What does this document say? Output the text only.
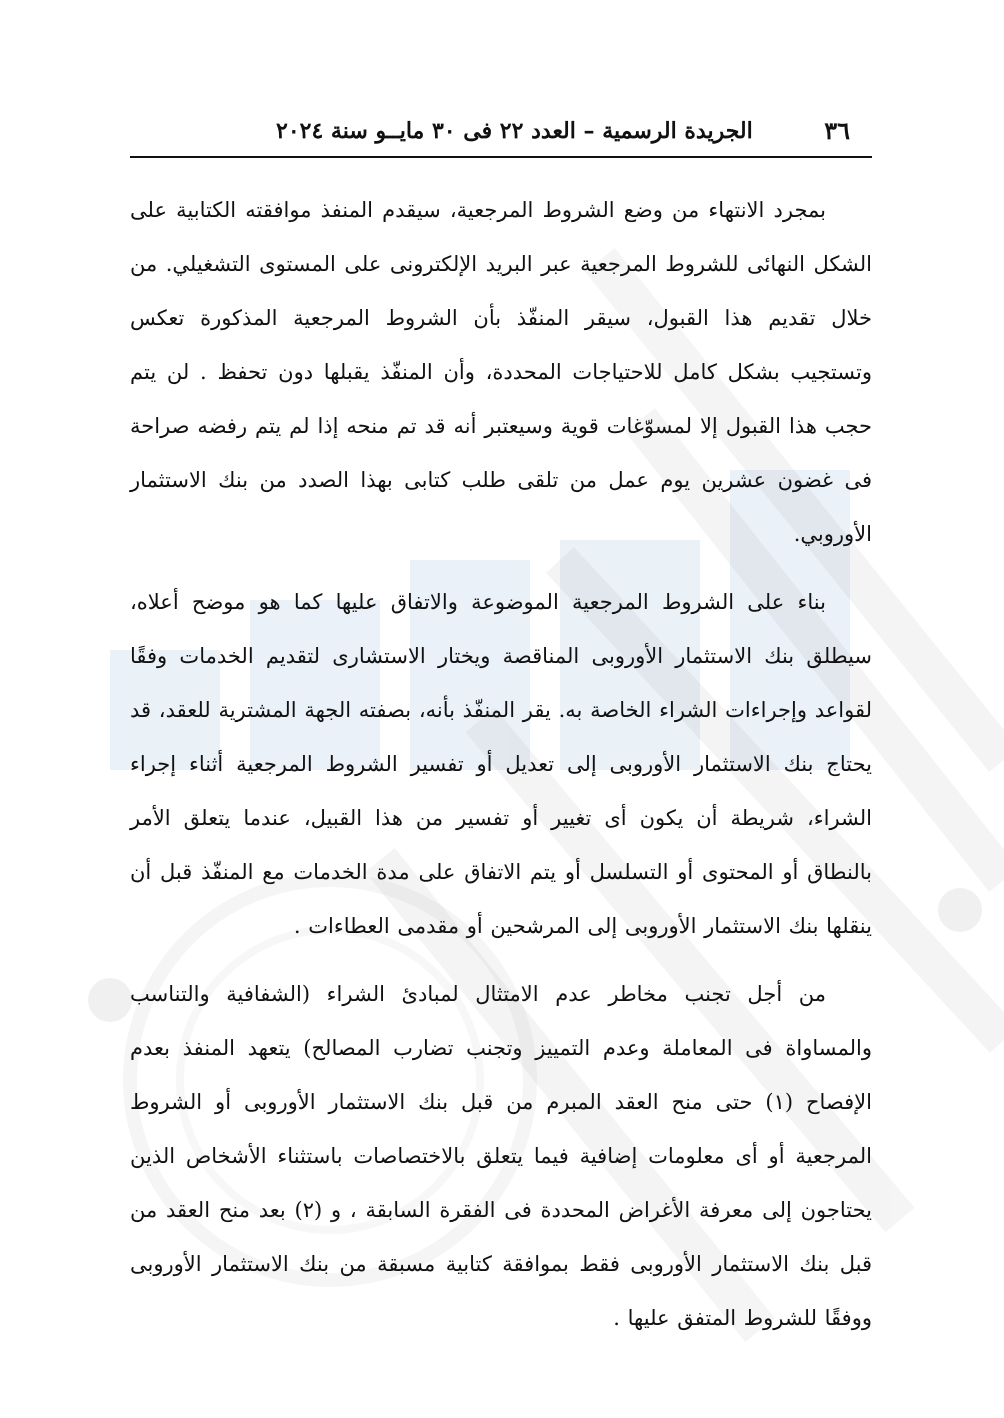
٣٦
الجريدة الرسمية – العدد ٢٢ فى ٣٠ مايــو سنة ٢٠٢٤

بمجرد الانتهاء من وضع الشروط المرجعية، سيقدم المنفذ موافقته الكتابية على الشكل النهائى للشروط المرجعية عبر البريد الإلكترونى على المستوى التشغيلي. من خلال تقديم هذا القبول، سيقر المنفّذ بأن الشروط المرجعية المذكورة تعكس وتستجيب بشكل كامل للاحتياجات المحددة، وأن المنفّذ يقبلها دون تحفظ . لن يتم حجب هذا القبول إلا لمسوّغات قوية وسيعتبر أنه قد تم منحه إذا لم يتم رفضه صراحة فى غضون عشرين يوم عمل من تلقى طلب كتابى بهذا الصدد من بنك الاستثمار الأوروبي.

بناء على الشروط المرجعية الموضوعة والاتفاق عليها كما هو موضح أعلاه، سيطلق بنك الاستثمار الأوروبى المناقصة ويختار الاستشارى لتقديم الخدمات وفقًا لقواعد وإجراءات الشراء الخاصة به. يقر المنفّذ بأنه، بصفته الجهة المشترية للعقد، قد يحتاج بنك الاستثمار الأوروبى إلى تعديل أو تفسير الشروط المرجعية أثناء إجراء الشراء، شريطة أن يكون أى تغيير أو تفسير من هذا القبيل، عندما يتعلق الأمر بالنطاق أو المحتوى أو التسلسل أو يتم الاتفاق على مدة الخدمات مع المنفّذ قبل أن ينقلها بنك الاستثمار الأوروبى إلى المرشحين أو مقدمى العطاءات .

من أجل تجنب مخاطر عدم الامتثال لمبادئ الشراء (الشفافية والتناسب والمساواة فى المعاملة وعدم التمييز وتجنب تضارب المصالح) يتعهد المنفذ بعدم الإفصاح (١) حتى منح العقد المبرم من قبل بنك الاستثمار الأوروبى أو الشروط المرجعية أو أى معلومات إضافية فيما يتعلق بالاختصاصات باستثناء الأشخاص الذين يحتاجون إلى معرفة الأغراض المحددة فى الفقرة السابقة ، و (٢) بعد منح العقد من قبل بنك الاستثمار الأوروبى فقط بموافقة كتابية مسبقة من بنك الاستثمار الأوروبى ووفقًا للشروط المتفق عليها .
